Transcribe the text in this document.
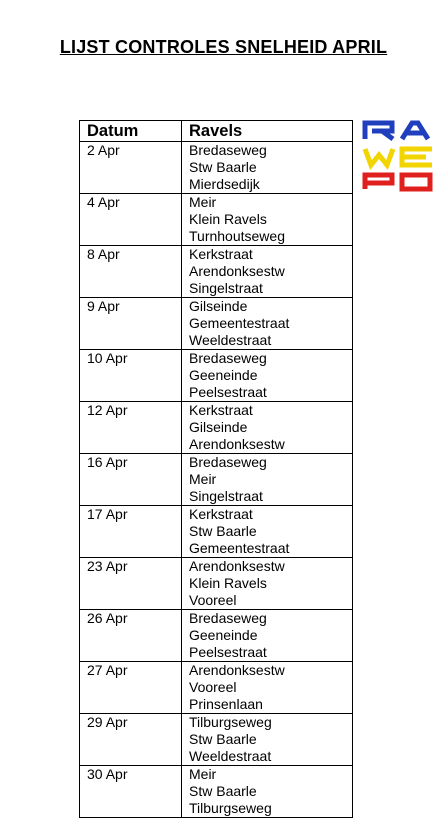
LIJST CONTROLES SNELHEID APRIL
Datum	Ravels
2 Apr	Bredaseweg
Stw Baarle
Mierdsedijk

4 Apr	Meir
Klein Ravels
Turnhoutseweg

8 Apr	Kerkstraat
Arendonksestw
Singelstraat

9 Apr	Gilseinde
Gemeentestraat
Weeldestraat

10 Apr	Bredaseweg
Geeneinde
Peelsestraat

12 Apr	Kerkstraat
Gilseinde
Arendonksestw

16 Apr	Bredaseweg
Meir
Singelstraat

17 Apr	Kerkstraat
Stw Baarle
Gemeentestraat

23 Apr	Arendonksestw
Klein Ravels
Vooreel

26 Apr	Bredaseweg
Geeneinde
Peelsestraat

27 Apr	Arendonksestw
Vooreel
Prinsenlaan

29 Apr	Tilburgseweg
Stw Baarle
Weeldestraat

30 Apr	Meir
Stw Baarle
Tilburgseweg
